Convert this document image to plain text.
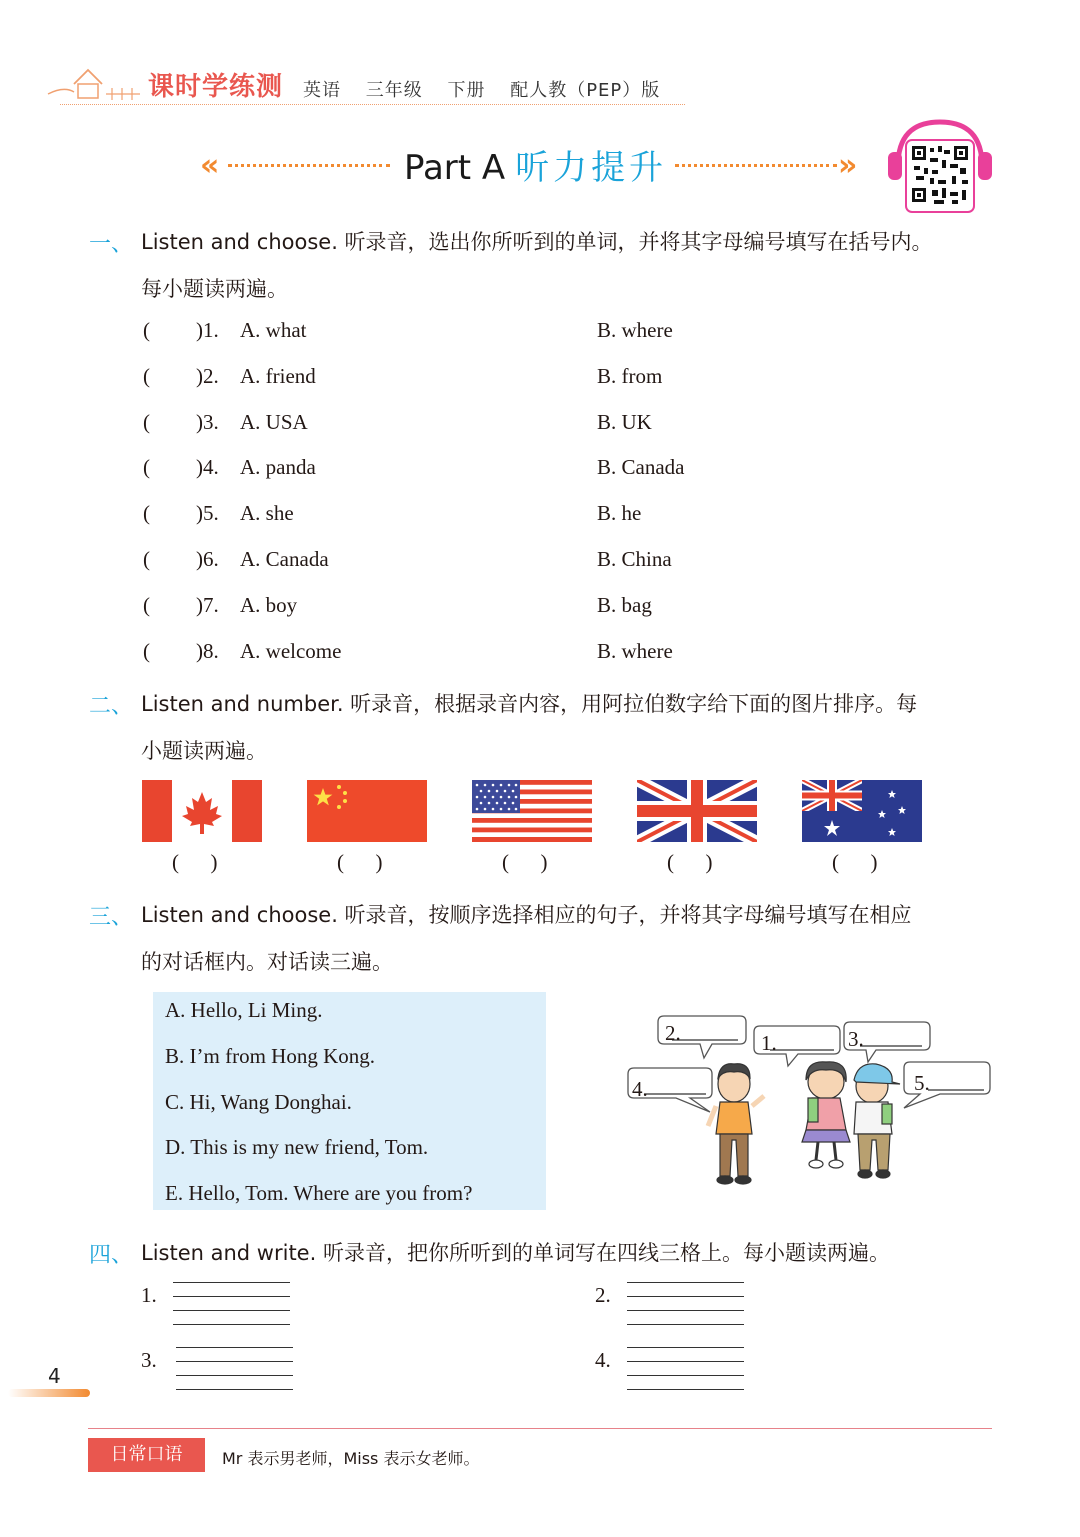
课时学练测 英语 三年级 下册 配人教（PEP）版
«	Part A 听力提升	»
一、 Listen and choose. 听录音，选出你所听到的单词，并将其字母编号填写在括号内。
每小题读两遍。
( )1. A. what	B. where
( )2. A. friend	B. from
( )3. A. USA	B. UK
( )4. A. panda	B. Canada
( )5. A. she	B. he
( )6. A. Canada	B. China
( )7. A. boy	B. bag
( )8. A. welcome	B. where
二、 Listen and number. 听录音，根据录音内容，用阿拉伯数字给下面的图片排序。每
小题读两遍。
(      )	(      )	(      )	(      )	(      )
三、 Listen and choose. 听录音，按顺序选择相应的句子，并将其字母编号填写在相应
的对话框内。对话读三遍。
A. Hello, Li Ming.
B. I’m from Hong Kong.
C. Hi, Wang Donghai.
D. This is my new friend, Tom.
E. Hello, Tom. Where are you from?
2.	1.	3.
4.	5.
四、 Listen and write. 听录音，把你所听到的单词写在四线三格上。每小题读两遍。
1.	2.
3.	4.
4
日常口语	Mr 表示男老师，Miss 表示女老师。
